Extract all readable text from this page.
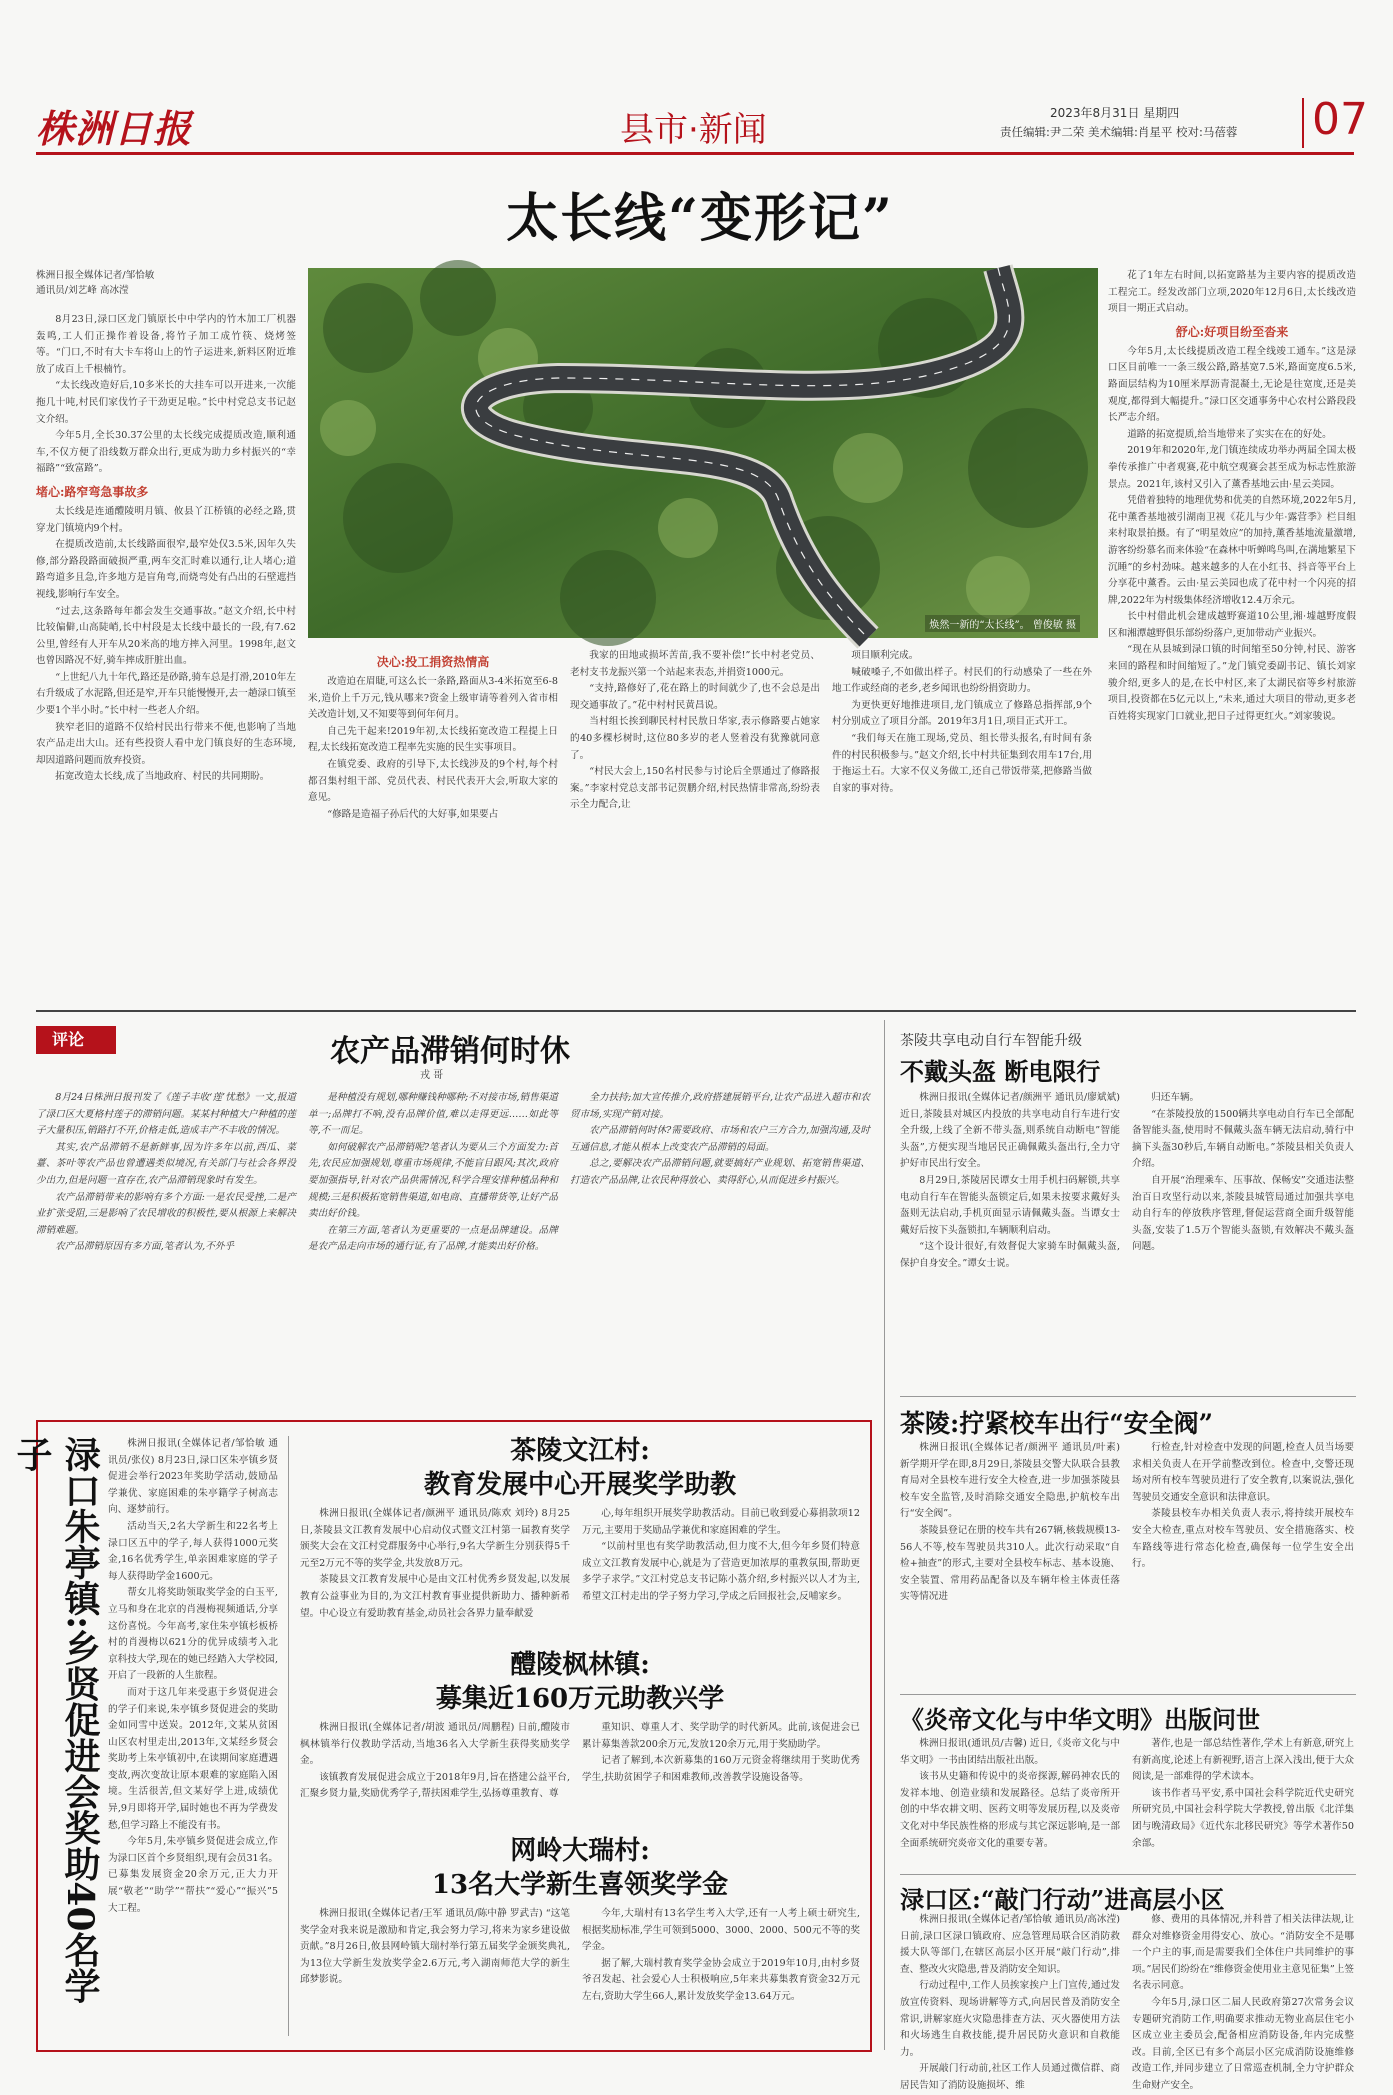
株洲日报	县市·新闻	2023年8月31日 星期四
责任编辑:尹二荣 美术编辑:肖星平 校对:马蓓蓉 07
太长线“变形记”
株洲日报全媒体记者/邹恰敏
通讯员/刘艺峰 高冰滢

8月23日,渌口区龙门镇原长中中学内的竹木加工厂机器轰鸣,工人们正操作着设备,将竹子加工成竹筷、烧烤签等。“门口,不时有大卡车将山上的竹子运进来,新料区附近堆放了成百上千根楠竹。

“太长线改造好后,10多米长的大挂车可以开进来,一次能拖几十吨,村民们家伐竹子干劲更足啦。”长中村党总支书记赵文介绍。

今年5月,全长30.37公里的太长线完成提质改造,顺利通车,不仅方便了沿线数万群众出行,更成为助力乡村振兴的“幸福路”“致富路”。

堵心:路窄弯急事故多

太长线是连通醴陵明月镇、攸县丫江桥镇的必经之路,贯穿龙门镇境内9个村。

在提质改造前,太长线路面很窄,最窄处仅3.5米,因年久失修,部分路段路面破损严重,两车交汇时难以通行,让人堵心;道路弯道多且急,许多地方是盲角弯,而烧弯处有凸出的石壁遮挡视线,影响行车安全。

“过去,这条路每年都会发生交通事故。”赵文介绍,长中村比较偏僻,山高陡峭,长中村段是太长线中最长的一段,有7.62公里,曾经有人开车从20米高的地方摔入河里。1998年,赵文也曾因路况不好,骑车摔成肝脏出血。

“上世纪八九十年代,路还是砂路,骑车总是打滑,2010年左右升级成了水泥路,但还是窄,开车只能慢慢开,去一趟渌口镇至少要1个半小时。”长中村一些老人介绍。

狭窄老旧的道路不仅给村民出行带来不便,也影响了当地农产品走出大山。还有些投资人看中龙门镇良好的生态环境,却因道路问题而放弃投资。

拓宽改造太长线,成了当地政府、村民的共同期盼。

焕然一新的“太长线”。 曾俊敏 摄
决心:投工捐资热情高

改造迫在眉睫,可这么长一条路,路面从3-4米拓宽至6-8米,造价上千万元,钱从哪来?资金上级审请等着列入省市相关改造计划,又不知要等到何年何月。

自己先干起来!2019年初,太长线拓宽改造工程提上日程,太长线拓宽改造工程率先实施的民生实事项目。

在镇党委、政府的引导下,太长线涉及的9个村,每个村都召集村组干部、党员代表、村民代表开大会,听取大家的意见。

“修路是造福子孙后代的大好事,如果要占

我家的田地或损坏苦苗,我不要补偿!”长中村老党员、老村支书龙振兴第一个站起来表态,并捐资1000元。

“支持,路修好了,花在路上的时间就少了,也不会总是出现交通事故了。”花中村村民黄昌说。

当村组长挨到聊民村村民敖日华家,表示修路要占她家的40多棵杉树时,这位80多岁的老人竖着没有犹豫就同意了。

“村民大会上,150名村民参与讨论后全票通过了修路报案。”李家村党总支部书记贺鹏介绍,村民热情非常高,纷纷表示全力配合,让

项目顺利完成。

喊破嗓子,不如做出样子。村民们的行动感染了一些在外地工作或经商的老乡,老乡闻讯也纷纷捐资助力。

为更快更好地推进项目,龙门镇成立了修路总指挥部,9个村分别成立了项目分部。2019年3月1日,项目正式开工。

“我们每天在施工现场,党员、组长带头报名,有时间有条件的村民积极参与。”赵文介绍,长中村共征集到农用车17台,用于拖运土石。大家不仅义务做工,还自己带饭带菜,把修路当做自家的事对待。

花了1年左右时间,以拓宽路基为主要内容的提质改造工程完工。经发改部门立项,2020年12月6日,太长线改造项目一期正式启动。

舒心:好项目纷至沓来

今年5月,太长线提质改造工程全线竣工通车。”这是渌口区目前唯一一条三级公路,路基宽7.5米,路面宽度6.5米,路面层结构为10厘米厚沥青混凝土,无论是往宽度,还是美观度,都得到大幅提升。”渌口区交通事务中心农村公路段段长严志介绍。

道路的拓宽提质,给当地带来了实实在在的好处。

2019年和2020年,龙门镇连续成功举办两届全国太极拳传承推广中者观赛,花中航空观赛会甚至成为标志性旅游景点。2021年,该村又引入了薰香基地云由·星云美园。

凭借着独特的地理优势和优美的自然环境,2022年5月,花中薰香基地被引湖南卫视《花儿与少年·露营季》栏目组来村取景拍摄。有了“明星效应”的加持,薰香基地流量激增,游客纷纷慕名而来体验“在森林中听蝉鸣鸟叫,在满地繁星下沉睡”的乡村劲味。越来越多的人在小红书、抖音等平台上分享花中薰香。云由·星云美园也成了花中村一个闪亮的招牌,2022年为村级集体经济增收12.4万余元。

长中村借此机会建成越野赛道10公里,湘·墟越野度假区和湘潭越野俱乐部纷纷落户,更加带动产业振兴。

“现在从县城到渌口镇的时间缩至50分钟,村民、游客来回的路程和时间缩短了。”龙门镇党委副书记、镇长刘家骏介绍,更多人的是,在长中村区,来了太湖民宿等乡村旅游项目,投资都在5亿元以上,“未来,通过大项目的带动,更多老百姓将实现家门口就业,把日子过得更红火。”刘家骏说。

评论	农产品滞销何时休
戎 哥

8月24日株洲日报刊发了《莲子丰收‘莲’忧愁》一文,报道了渌口区大夏格村莲子的滞销问题。某某村种植大户种植的莲子大量积压,销路打不开,价格走低,造成丰产不丰收的情况。

其实,农产品滞销不是新鲜事,因为许多年以前,西瓜、菜薹、茶叶等农产品也曾遭遇类似境况,有关部门与社会各界没少出力,但是问题一直存在,农产品滞销现象时有发生。

农产品滞销带来的影响有多个方面:一是农民受挫,二是产业扩张受阻,三是影响了农民增收的积极性,要从根源上来解决滞销难题。

农产品滞销原因有多方面,笔者认为,不外乎

是种植没有规划,哪种赚钱种哪种;不对接市场,销售渠道单一;品牌打不响,没有品牌价值,难以走得更远……如此等等,不一而足。

如何破解农产品滞销呢?笔者认为要从三个方面发力:首先,农民应加强规划,尊重市场规律,不能盲目跟风;其次,政府要加强指导,针对农产品供需情况,科学合理安排种植品种和规模;三是积极拓宽销售渠道,如电商、直播带货等,让好产品卖出好价钱。

在第三方面,笔者认为更重要的一点是品牌建设。品牌是农产品走向市场的通行证,有了品牌,才能卖出好价格。

全力扶持;加大宣传推介,政府搭建展销平台,让农产品进入超市和农贸市场,实现产销对接。

农产品滞销何时休?需要政府、市场和农户三方合力,加强沟通,及时互通信息,才能从根本上改变农产品滞销的局面。

总之,要解决农产品滞销问题,就要搞好产业规划、拓宽销售渠道、打造农产品品牌,让农民种得放心、卖得舒心,从而促进乡村振兴。

茶陵共享电动自行车智能升级
不戴头盔 断电限行

株洲日报讯(全媒体记者/颜洲平 通讯员/廖斌斌) 近日,茶陵县对城区内投放的共享电动自行车进行安全升级,上线了全新不带头盔,则系统自动断电”智能头盔”,方便实现当地居民正确佩戴头盔出行,全力守护好市民出行安全。

8月29日,茶陵居民谭女士用手机扫码解锁,共享电动自行车在智能头盔锁定后,如果未按要求戴好头盔则无法启动,手机页面显示请佩戴头盔。当谭女士戴好后按下头盔锁扣,车辆顺利启动。

“这个设计很好,有效督促大家骑车时佩戴头盔,保护自身安全。”谭女士说。

归还车辆。

“在茶陵投放的1500辆共享电动自行车已全部配备智能头盔,使用时不佩戴头盔车辆无法启动,骑行中摘下头盔30秒后,车辆自动断电。”茶陵县相关负责人介绍。

自开展“治理乘车、压事故、保畅安”交通违法整治百日攻坚行动以来,茶陵县城管局通过加强共享电动自行车的停放秩序管理,督促运营商全面升级智能头盔,安装了1.5万个智能头盔锁,有效解决不戴头盔问题。

茶陵:拧紧校车出行“安全阀”

株洲日报讯(全媒体记者/颜洲平 通讯员/叶素) 新学期开学在即,8月29日,茶陵县交警大队联合县教育局对全县校车进行安全大检查,进一步加强茶陵县校车安全监管,及时消除交通安全隐患,护航校车出行“安全阀”。

茶陵县登记在册的校车共有267辆,核载规模13-56人不等,校车驾驶员共310人。此次行动采取“自检+抽查”的形式,主要对全县校车标志、基本设施、安全装置、常用药品配备以及车辆年检主体责任落实等情况进

行检查,针对检查中发现的问题,检查人员当场要求相关负责人在开学前整改到位。检查中,交警还现场对所有校车驾驶员进行了安全教育,以案说法,强化驾驶员交通安全意识和法律意识。

茶陵县校车办相关负责人表示,将持续开展校车安全大检查,重点对校车驾驶员、安全措施落实、校车路线等进行常态化检查,确保每一位学生安全出行。

《炎帝文化与中华文明》出版问世

株洲日报讯(通讯员/吉馨) 近日,《炎帝文化与中华文明》一书由团结出版社出版。

该书从史籍和传说中的炎帝探源,解码神农氏的发祥本地、创造业绩和发展路径。总结了炎帝所开创的中华农耕文明、医药文明等发展历程,以及炎帝文化对中华民族性格的形成与其它深远影响,是一部全面系统研究炎帝文化的重要专著。

著作,也是一部总结性著作,学术上有新意,研究上有新高度,论述上有新视野,语言上深入浅出,便于大众阅读,是一部难得的学术读本。

该书作者马平安,系中国社会科学院近代史研究所研究员,中国社会科学院大学教授,曾出版《北洋集团与晚清政局》《近代东北移民研究》等学术著作50余部。

渌口区:“敲门行动”进高层小区

株洲日报讯(全媒体记者/邹恰敏 通讯员/高冰滢) 日前,渌口区渌口镇政府、应急管理局联合区消防救援大队等部门,在辖区高层小区开展“敲门行动”,排查、整改火灾隐患,普及消防安全知识。

行动过程中,工作人员挨家挨户上门宣传,通过发放宣传资料、现场讲解等方式,向居民普及消防安全常识,讲解家庭火灾隐患排查方法、灭火器使用方法和火场逃生自救技能,提升居民防火意识和自救能力。

开展敲门行动前,社区工作人员通过微信群、商居民告知了消防设施损坏、维

修、费用的具体情况,并科普了相关法律法规,让群众对维修资金用得安心、放心。“消防安全不是哪一个户主的事,而是需要我们全体住户共同维护的事项。”居民们纷纷在“维修资金使用业主意见征集”上签名表示同意。

今年5月,渌口区二届人民政府第27次常务会议专题研究消防工作,明确要求推动无物业高层住宅小区成立业主委员会,配备相应消防设备,年内完成整改。目前,全区已有多个高层小区完成消防设施维修改造工作,并同步建立了日常巡查机制,全力守护群众生命财产安全。

渌口朱亭镇:乡贤促进会奖助40名学子	株洲日报讯(全媒体记者/邹恰敏 通讯员/张仪) 8月23日,渌口区朱亭镇乡贤促进会举行2023年奖助学活动,鼓励品学兼优、家庭困难的朱亭籍学子树高志向、逐梦前行。

活动当天,2名大学新生和22名考上渌口区五中的学子,每人获得1000元奖金,16名优秀学生,单亲困难家庭的学子每人获得助学金1600元。

帮女儿将奖助领取奖学金的白玉平,立马和身在北京的肖漫梅视频通话,分享这份喜悦。今年高考,家住朱亭镇杉板桥村的肖漫梅以621分的优异成绩考入北京科技大学,现在的她已经踏入大学校园,开启了一段新的人生旅程。

而对于这几年来受惠于乡贤促进会的学子们来说,朱亭镇乡贤促进会的奖助金如同雪中送炭。2012年,文某从贫困山区农村里走出,2013年,文某经乡贤会奖助考上朱亭镇初中,在读期间家庭遭遇变故,两次变故让原本艰难的家庭陷入困境。生活很苦,但文某好学上进,成绩优异,9月即将开学,届时她也不再为学费发愁,但学习路上不能没有书。

今年5月,朱亭镇乡贤促进会成立,作为渌口区首个乡贤组织,现有会员31名。已募集发展资金20余万元,正大力开展“敬老”“助学”“帮扶”“爱心”“振兴”5大工程。

茶陵文江村:
教育发展中心开展奖学助教

株洲日报讯(全媒体记者/颜洲平 通讯员/陈欢 刘玲) 8月25日,茶陵县文江教育发展中心启动仪式暨文江村第一届教育奖学颁奖大会在文江村党群服务中心举行,9名大学新生分别获得5千元至2万元不等的奖学金,共发放8万元。

茶陵县文江教育发展中心是由文江村优秀乡贤发起,以发展教育公益事业为目的,为文江村教育事业提供新助力、播种新希望。中心设立有爱助教育基金,动员社会各界力量奉献爱

心,每年组织开展奖学助教活动。目前已收到爱心募捐款项12万元,主要用于奖励品学兼优和家庭困难的学生。

“以前村里也有奖学助教活动,但力度不大,但今年乡贤们特意成立文江教育发展中心,就是为了营造更加浓厚的重教氛围,帮助更多学子求学。”文江村党总支书记陈小荔介绍,乡村振兴以人才为主,希望文江村走出的学子努力学习,学成之后回报社会,反哺家乡。

醴陵枫林镇:
募集近160万元助教兴学

株洲日报讯(全媒体记者/胡波 通讯员/周鹏程) 日前,醴陵市枫林镇举行仪教助学活动,当地36名入大学新生获得奖励奖学金。

该镇教育发展促进会成立于2018年9月,旨在搭建公益平台,汇聚乡贤力量,奖励优秀学子,帮扶困难学生,弘扬尊重教育、尊

重知识、尊重人才、奖学助学的时代新风。此前,该促进会已累计募集善款200余万元,发放120余万元,用于奖励助学。

记者了解到,本次新募集的160万元资金将继续用于奖助优秀学生,扶助贫困学子和困难教师,改善教学设施设备等。

网岭大瑞村:
13名大学新生喜领奖学金

株洲日报讯(全媒体记者/王军 通讯员/陈中静 罗武吉) “这笔奖学金对我来说是激励和肯定,我会努力学习,将来为家乡建设做贡献。”8月26日,攸县网岭镇大瑞村举行第五届奖学金颁奖典礼,为13位大学新生发放奖学金2.6万元,考入湖南师范大学的新生邱梦影说。

今年,大瑞村有13名学生考入大学,还有一人考上硕士研究生,根据奖励标准,学生可领到5000、3000、2000、500元不等的奖学金。

据了解,大瑞村教育奖学金协会成立于2019年10月,由村乡贤爷召发起、社会爱心人士积极响应,5年来共募集教育资金32万元左右,资助大学生66人,累计发放奖学金13.64万元。
